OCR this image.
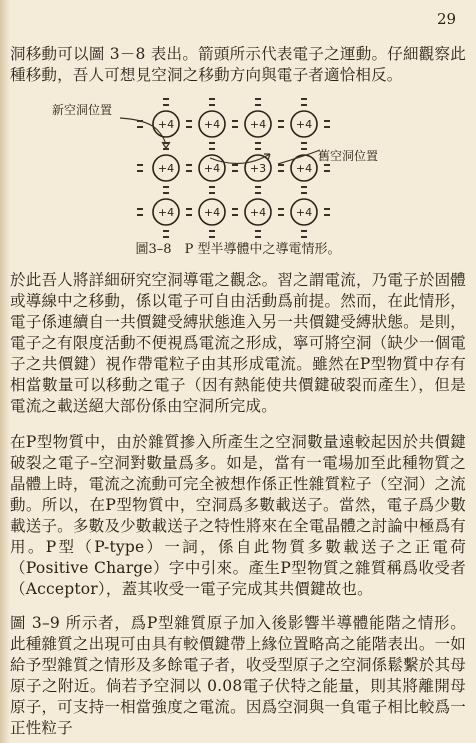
29

洞移動可以圖 3－8 表出。箭頭所示代表電子之運動。仔細觀察此種移動，吾人可想見空洞之移動方向與電子者適恰相反。

+4	+4	+4	+4
+4	+4	+3	+4
+4	+4	+4	+4
新空洞位置
舊空洞位置
圖3–8　P 型半導體中之導電情形。

於此吾人將詳細研究空洞導電之觀念。習之謂電流，乃電子於固體或導線中之移動，係以電子可自由活動爲前提。然而，在此情形，電子係連續自一共價鍵受縛狀態進入另一共價鍵受縛狀態。是則，電子之有限度活動不便視爲電流之形成，寧可將空洞（缺少一個電子之共價鍵）視作帶電粒子由其形成電流。雖然在P型物質中存有相當數量可以移動之電子（因有熱能使共價鍵破裂而產生），但是電流之載送絕大部份係由空洞所完成。

在P型物質中，由於雜質摻入所產生之空洞數量遠較起因於共價鍵破裂之電子–空洞對數量爲多。如是，當有一電場加至此種物質之晶體上時，電流之流動可完全被想作係正性雜質粒子（空洞）之流動。所以，在P型物質中，空洞爲多數載送子。當然，電子爲少數載送子。多數及少數載送子之特性將來在全電晶體之討論中極爲有用。P型（P-type）一詞，係自此物質多數載送子之正電荷（Positive Charge）字中引來。產生P型物質之雜質稱爲收受者（Acceptor），蓋其收受一電子完成其共價鍵故也。

圖 3–9 所示者，爲P型雜質原子加入後影響半導體能階之情形。此種雜質之出現可由具有較價鍵帶上緣位置略高之能階表出。一如給予型雜質之情形及多餘電子者，收受型原子之空洞係鬆繫於其母原子之附近。倘若予空洞以 0.08電子伏特之能量，則其將離開母原子，可支持一相當強度之電流。因爲空洞與一負電子相比較爲一正性粒子
